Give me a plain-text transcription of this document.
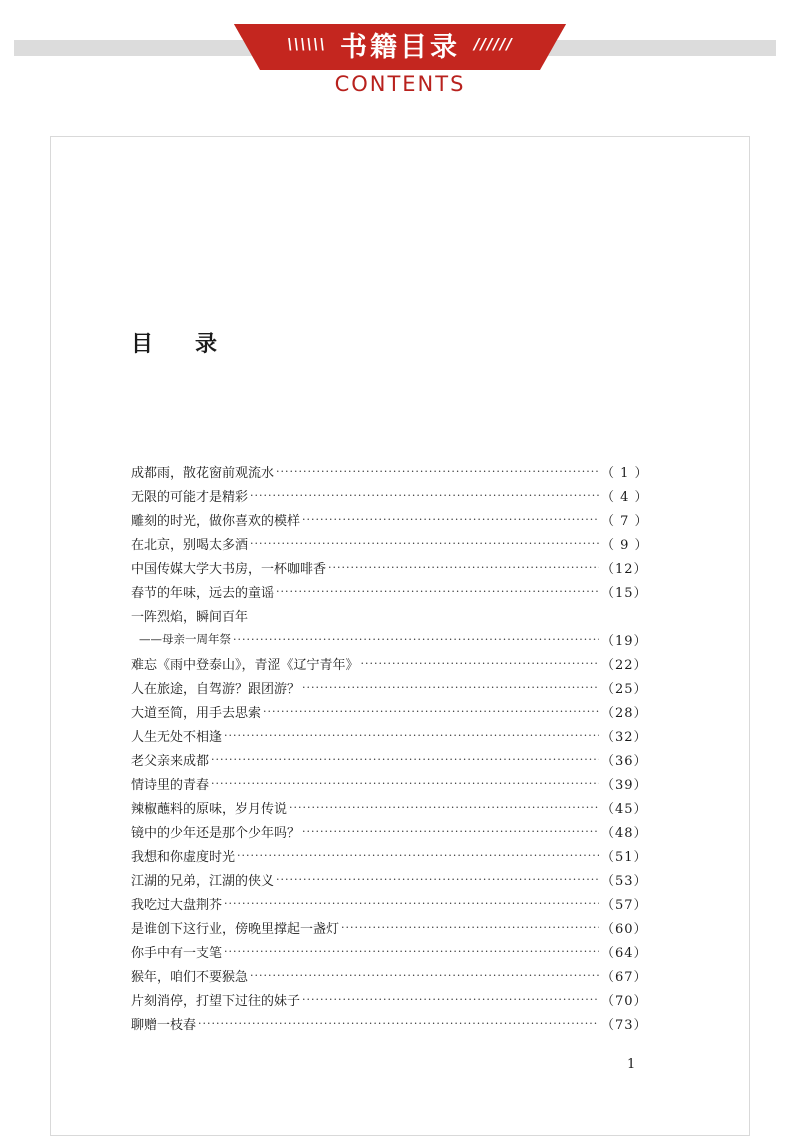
\\\\\\ 书籍目录 //////
CONTENTS
目 录
成都雨，散花窗前观流水 ·····	（ 1 ）
无限的可能才是精彩 ·····	（ 4 ）
雕刻的时光，做你喜欢的模样 ·····	（ 7 ）
在北京，别喝太多酒 ·····	（ 9 ）
中国传媒大学大书房，一杯咖啡香 ·····	（12）
春节的年味，远去的童谣 ·····	（15）
一阵烈焰，瞬间百年
——母亲一周年祭 ·····	（19）
难忘《雨中登泰山》，青涩《辽宁青年》 ·····	（22）
人在旅途，自驾游？跟团游？ ·····	（25）
大道至简，用手去思索 ·····	（28）
人生无处不相逢 ·····	（32）
老父亲来成都 ·····	（36）
情诗里的青春 ·····	（39）
辣椒蘸料的原味，岁月传说 ·····	（45）
镜中的少年还是那个少年吗？ ·····	（48）
我想和你虚度时光 ·····	（51）
江湖的兄弟，江湖的侠义 ·····	（53）
我吃过大盘荆芥 ·····	（57）
是谁创下这行业，傍晚里撑起一盏灯 ·····	（60）
你手中有一支笔 ·····	（64）
猴年，咱们不要猴急 ·····	（67）
片刻消停，打望下过往的妹子 ·····	（70）
聊赠一枝春 ·····	（73）
1
